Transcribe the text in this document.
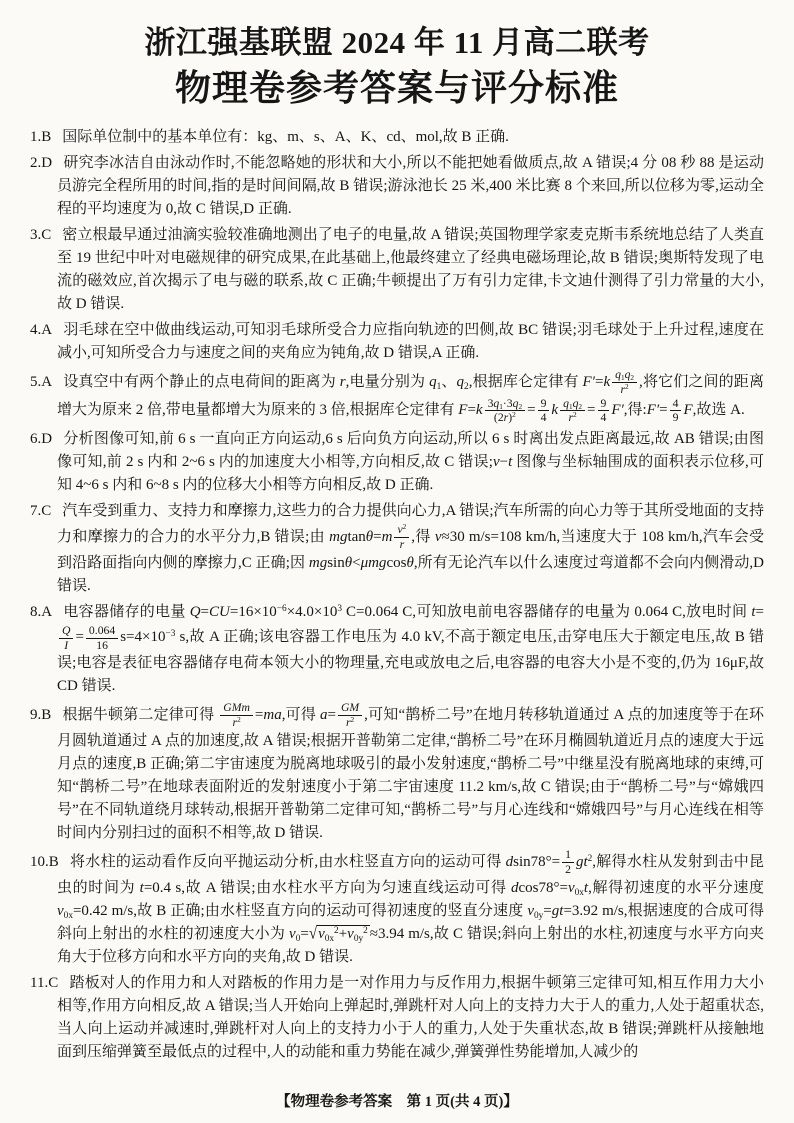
浙江强基联盟 2024 年 11 月高二联考
物理卷参考答案与评分标准

1.B 国际单位制中的基本单位有：kg、m、s、A、K、cd、mol,故 B 正确.

2.D 研究李冰洁自由泳动作时,不能忽略她的形状和大小,所以不能把她看做质点,故 A 错误;4 分 08 秒 88 是运动员游完全程所用的时间,指的是时间间隔,故 B 错误;游泳池长 25 米,400 米比赛 8 个来回,所以位移为零,运动全程的平均速度为 0,故 C 错误,D 正确.

3.C 密立根最早通过油滴实验较准确地测出了电子的电量,故 A 错误;英国物理学家麦克斯韦系统地总结了人类直至 19 世纪中叶对电磁规律的研究成果,在此基础上,他最终建立了经典电磁场理论,故 B 错误;奥斯特发现了电流的磁效应,首次揭示了电与磁的联系,故 C 正确;牛顿提出了万有引力定律,卡文迪什测得了引力常量的大小,故 D 错误.

4.A 羽毛球在空中做曲线运动,可知羽毛球所受合力应指向轨迹的凹侧,故 BC 错误;羽毛球处于上升过程,速度在减小,可知所受合力与速度之间的夹角应为钝角,故 D 错误,A 正确.

5.A 设真空中有两个静止的点电荷间的距离为 r,电量分别为 $q_1$、$q_2$,根据库仑定律有 $F'=k \frac{q_1q_2}{r^2}$ ,将它们之间的距离增大为原来 2 倍,带电量都增大为原来的 3 倍,根据库仑定律有 $F=k \frac{3q_1\cdot 3q_2}{(2r)^2} = \frac{9}{4}$ k $\frac{q_1q_2}{r^2} = \frac{9}{4} F'$,得:F′= $\frac{4}{9} F$,故选 A.

6.D 分析图像可知,前 6 s 一直向正方向运动,6 s 后向负方向运动,所以 6 s 时离出发点距离最远,故 AB 错误;由图像可知,前 2 s 内和 2~6 s 内的加速度大小相等,方向相反,故 C 错误;v−t 图像与坐标轴围成的面积表示位移,可知 4~6 s 内和 6~8 s 内的位移大小相等方向相反,故 D 正确.

7.C 汽车受到重力、支持力和摩擦力,这些力的合力提供向心力,A 错误;汽车所需的向心力等于其所受地面的支持力和摩擦力的合力的水平分力,B 错误;由 $mgtan\theta=m \frac{v^2}{r}$ ,得 v≈30 m/s=108 km/h,当速度大于 108 km/h,汽车会受到沿路面指向内侧的摩擦力,C 正确;因 mgsinθ<μmgcosθ,所有无论汽车以什么速度过弯道都不会向内侧滑动,D 错误.

8.A 电容器储存的电量 $Q=CU=16\times 10^{-6}\times 4.0\times 10^3$ C=0.064 C,可知放电前电容器储存的电量为 0.064 C,放电时间 t=
$\frac{Q}{I} = \frac{0.064}{16} s=4\times 10^{-3}$ s,故 A 正确;该电容器工作电压为 4.0 kV,不高于额定电压,击穿电压大于额定电压,故 B 错误;电容是表征电容器储存电荷本领大小的物理量,充电或放电之后,电容器的电容大小是不变的,仍为 16μF,故 CD 错误.

9.B 根据牛顿第二定律可得 $\frac{\text{GMm}}{r^2} =ma$,可得 $a= \frac{GM}{r^2}$ ,可知“鹊桥二号”在地月转移轨道通过 A 点的加速度等于在环月圆轨道通过 A 点的加速度,故 A 错误;根据开普勒第二定律,“鹊桥二号”在环月椭圆轨道近月点的速度大于远月点的速度,B 正确;第二宇宙速度为脱离地球吸引的最小发射速度,“鹊桥二号”中继星没有脱离地球的束缚,可知“鹊桥二号”在地球表面附近的发射速度小于第二宇宙速度 11.2 km/s,故 C 错误;由于“鹊桥二号”与“嫦娥四号”在不同轨道绕月球转动,根据开普勒第二定律可知,“鹊桥二号”与月心连线和“嫦娥四号”与月心连线在相等时间内分别扫过的面积不相等,故 D 错误.

10.B 将水柱的运动看作反向平抛运动分析,由水柱竖直方向的运动可得 $dsin78^\circ= \frac{1}{2} gt^2$,解得水柱从发射到击中昆虫的时间为 t=0.4 s,故 A 错误;由水柱水平方向为匀速直线运动可得 $dcos78^\circ=v_{0x}t$,解得初速度的水平分速度 $v_{0x}=0.42$ m/s,故 B 正确;由水柱竖直方向的运动可得初速度的竖直分速度 $v_{0y}=gt=3.92$ m/s,根据速度的合成可得斜向上射出的水柱的初速度大小为 $v_0=√v_{0x}^2+v_{0y}^2 \approx 3.94$ m/s,故 C 错误;斜向上射出的水柱,初速度与水平方向夹角大于位移方向和水平方向的夹角,故 D 错误.

11.C 踏板对人的作用力和人对踏板的作用力是一对作用力与反作用力,根据牛顿第三定律可知,相互作用力大小相等,作用方向相反,故 A 错误;当人开始向上弹起时,弹跳杆对人向上的支持力大于人的重力,人处于超重状态,当人向上运动并减速时,弹跳杆对人向上的支持力小于人的重力,人处于失重状态,故 B 错误;弹跳杆从接触地面到压缩弹簧至最低点的过程中,人的动能和重力势能在减少,弹簧弹性势能增加,人减少的

【物理卷参考答案　第 1 页(共 4 页)】
